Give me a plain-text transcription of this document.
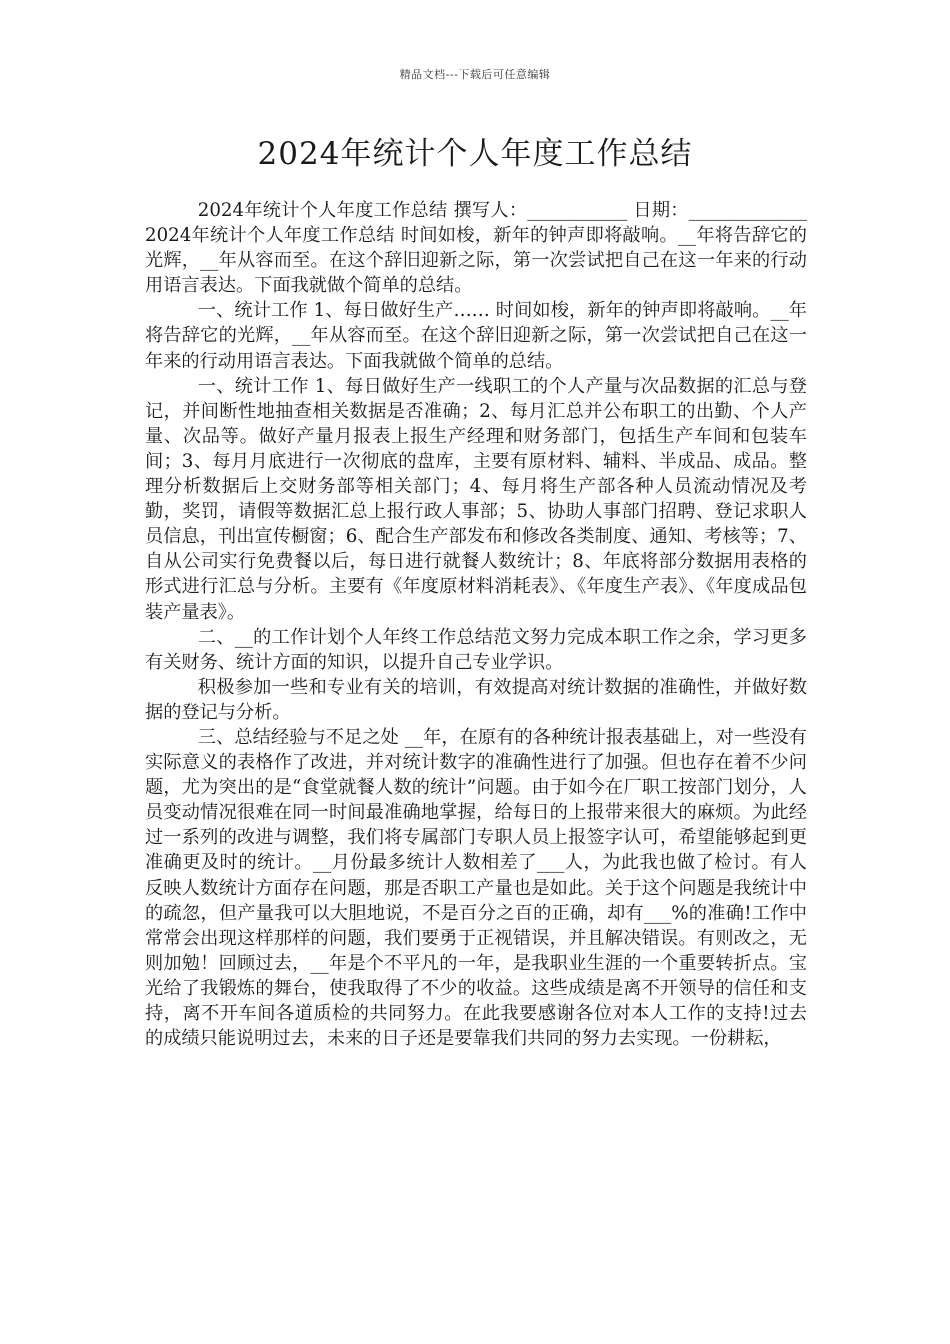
精品文档---下载后可任意编辑
2024年统计个人年度工作总结

2024年统计个人年度工作总结 撰写人：___________ 日期：_____________ 2024年统计个人年度工作总结 时间如梭，新年的钟声即将敲响。__年将告辞它的光辉，__年从容而至。在这个辞旧迎新之际，第一次尝试把自己在这一年来的行动用语言表达。下面我就做个简单的总结。

一、统计工作 1、每日做好生产…… 时间如梭，新年的钟声即将敲响。__年将告辞它的光辉，__年从容而至。在这个辞旧迎新之际，第一次尝试把自己在这一年来的行动用语言表达。下面我就做个简单的总结。

一、统计工作 1、每日做好生产一线职工的个人产量与次品数据的汇总与登记，并间断性地抽查相关数据是否准确；2、每月汇总并公布职工的出勤、个人产量、次品等。做好产量月报表上报生产经理和财务部门，包括生产车间和包装车间；3、每月月底进行一次彻底的盘库，主要有原材料、辅料、半成品、成品。整理分析数据后上交财务部等相关部门；4、每月将生产部各种人员流动情况及考勤，奖罚，请假等数据汇总上报行政人事部；5、协助人事部门招聘、登记求职人员信息，刊出宣传橱窗；6、配合生产部发布和修改各类制度、通知、考核等；7、自从公司实行免费餐以后，每日进行就餐人数统计；8、年底将部分数据用表格的形式进行汇总与分析。主要有《年度原材料消耗表》、《年度生产表》、《年度成品包装产量表》。

二、__的工作计划个人年终工作总结范文努力完成本职工作之余，学习更多有关财务、统计方面的知识，以提升自己专业学识。

积极参加一些和专业有关的培训，有效提高对统计数据的准确性，并做好数据的登记与分析。

三、总结经验与不足之处 __年，在原有的各种统计报表基础上，对一些没有实际意义的表格作了改进，并对统计数字的准确性进行了加强。但也存在着不少问题，尤为突出的是“食堂就餐人数的统计”问题。由于如今在厂职工按部门划分，人员变动情况很难在同一时间最准确地掌握，给每日的上报带来很大的麻烦。为此经过一系列的改进与调整，我们将专属部门专职人员上报签字认可，希望能够起到更准确更及时的统计。__月份最多统计人数相差了___人，为此我也做了检讨。有人反映人数统计方面存在问题，那是否职工产量也是如此。关于这个问题是我统计中的疏忽，但产量我可以大胆地说，不是百分之百的正确，却有___%的准确!工作中常常会出现这样那样的问题，我们要勇于正视错误，并且解决错误。有则改之，无则加勉！回顾过去，__年是个不平凡的一年，是我职业生涯的一个重要转折点。宝光给了我锻炼的舞台，使我取得了不少的收益。这些成绩是离不开领导的信任和支持，离不开车间各道质检的共同努力。在此我要感谢各位对本人工作的支持!过去的成绩只能说明过去，未来的日子还是要靠我们共同的努力去实现。一份耕耘，
